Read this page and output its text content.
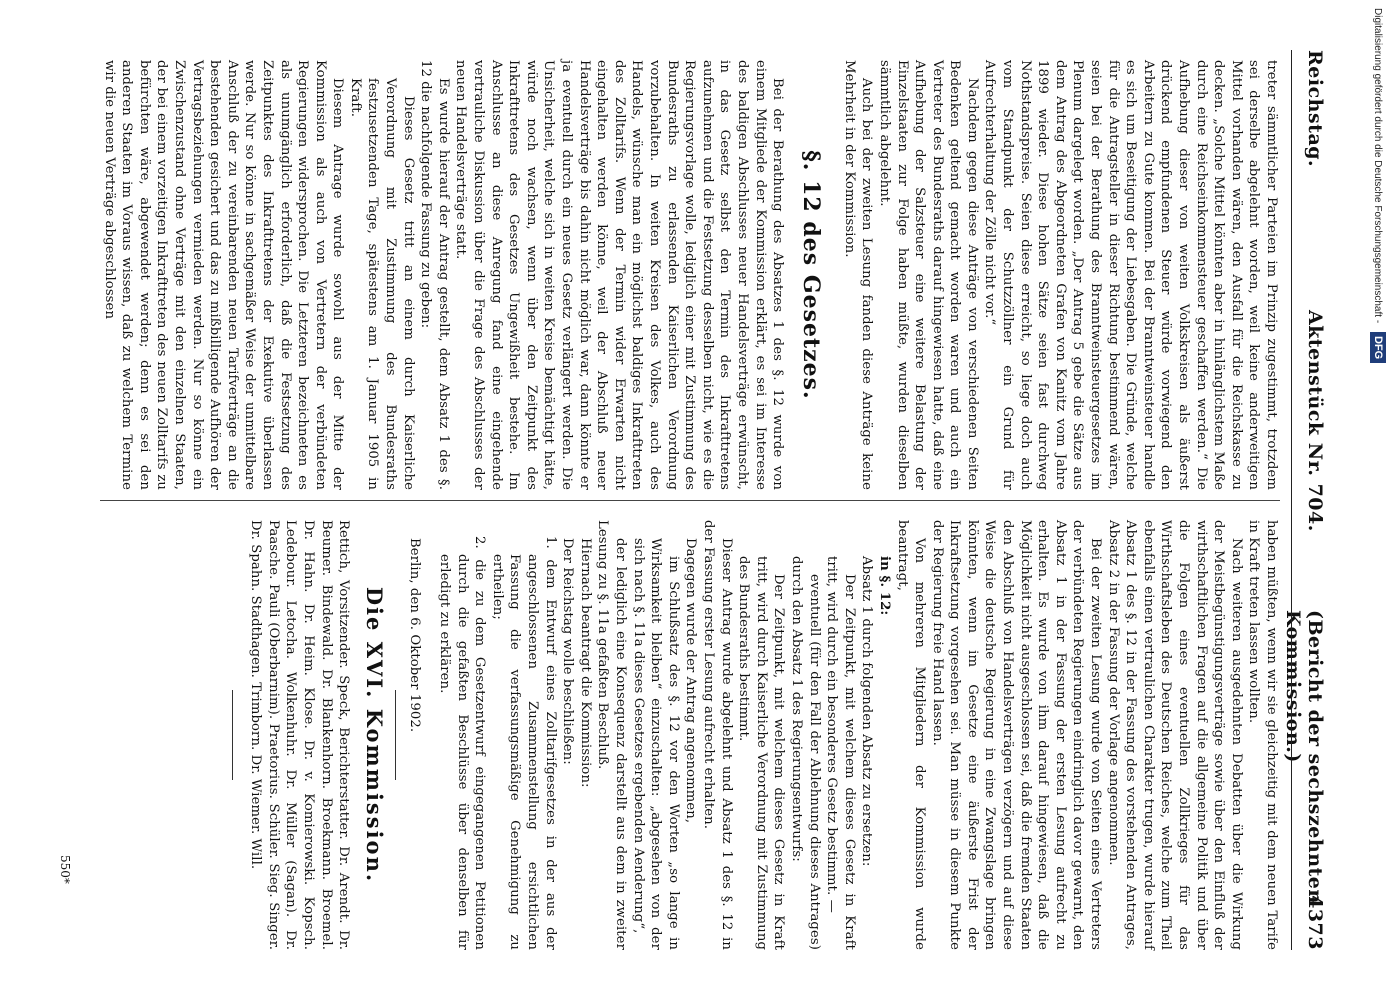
Reichstag.
Aktenstück Nr. 704.
(Bericht der sechszehnten Kommission.)
4373

treter sämmtlicher Parteien im Prinzip zugestimmt, trotzdem sei derselbe abgelehnt worden, weil keine anderweitigen Mittel vorhanden wären, den Ausfall für die Reichskasse zu decken. „Solche Mittel könnten aber in hinlänglichstem Maße durch eine Reichseinkommensteuer geschaffen werden.“ Die Aufhebung dieser von weiten Volkskreisen als äußerst drückend empfundenen Steuer würde vorwiegend den Arbeitern zu Gute kommen. Bei der Branntweinsteuer handle es sich um Beseitigung der Liebesgaben. Die Gründe, welche für die Antragsteller in dieser Richtung bestimmend wären, seien bei der Berathung des Branntweinsteuergesetzes im Plenum dargelegt worden. „Der Antrag 5 gebe die Sätze aus dem Antrag des Abgeordneten Grafen von Kanitz vom Jahre 1899 wieder. Diese hohen Sätze seien fast durchweg Nothstandspreise. Seien diese erreicht, so liege doch auch vom Standpunkt der Schutzzöllner ein Grund für Aufrechterhaltung der Zölle nicht vor.“

Nachdem gegen diese Anträge von verschiedenen Seiten Bedenken geltend gemacht worden waren und auch ein Vertreter des Bundesraths darauf hingewiesen hatte, daß eine Aufhebung der Salzsteuer eine weitere Belastung der Einzelstaaten zur Folge haben müßte, wurden dieselben sämmtlich abgelehnt.

Auch bei der zweiten Lesung fanden diese Anträge keine Mehrheit in der Kommission.

§. 12 des Gesetzes.

Bei der Berathung des Absatzes 1 des §. 12 wurde von einem Mitgliede der Kommission erklärt, es sei im Interesse des baldigen Abschlusses neuer Handelsverträge erwünscht, in das Gesetz selbst den Termin des Inkrafttretens aufzunehmen und die Festsetzung desselben nicht, wie es die Regierungsvorlage wolle, lediglich einer mit Zustimmung des Bundesraths zu erlassenden Kaiserlichen Verordnung vorzubehalten. In weiten Kreisen des Volkes, auch des Handels, wünsche man ein möglichst baldiges Inkrafttreten des Zolltarifs. Wenn der Termin wider Erwarten nicht eingehalten werden könne, weil der Abschluß neuer Handelsverträge bis dahin nicht möglich war, dann könnte er ja eventuell durch ein neues Gesetz verlängert werden. Die Unsicherheit, welche sich in weiten Kreise bemächtigt hätte, würde noch wachsen, wenn über den Zeitpunkt des Inkrafttretens des Gesetzes Ungewißheit bestehe. Im Anschlusse an diese Anregung fand eine eingehende vertrauliche Diskussion über die Frage des Abschlusses der neuen Handelsverträge statt.

Es wurde hierauf der Antrag gestellt, dem Absatz 1 des §. 12 die nachfolgende Fassung zu geben:

Dieses Gesetz tritt an einem durch Kaiserliche Verordnung mit Zustimmung des Bundesraths festzusetzenden Tage, spätestens am 1. Januar 1905 in Kraft.

Diesem Antrage wurde sowohl aus der Mitte der Kommission als auch von Vertretern der verbündeten Regierungen widersprochen. Die Letzteren bezeichneten es als unumgänglich erforderlich, daß die Festsetzung des Zeitpunktes des Inkrafttretens der Exekutive überlassen werde. Nur so könne in sachgemäßer Weise der unmittelbare Anschluß der zu vereinbarenden neuen Tarifverträge an die bestehenden gesichert und das zu mißbilligende Aufhören der Vertragsbeziehungen vermieden werden. Nur so könne ein Zwischenzustand ohne Verträge mit den einzelnen Staaten, der bei einem vorzeitigen Inkrafttreten des neuen Zolltarifs zu befürchten wäre, abgewendet werden; denn es sei den anderen Staaten im Voraus wissen, daß zu welchem Termine wir die neuen Verträge abgeschlossen

haben müßten, wenn wir sie gleichzeitig mit dem neuen Tarife in Kraft treten lassen wollten.

Nach weiteren ausgedehnten Debatten über die Wirkung der Meistbegünstigungsverträge sowie über den Einfluß der wirthschaftlichen Fragen auf die allgemeine Politik und über die Folgen eines eventuellen Zollkrieges für das Wirthschaftsleben des Deutschen Reiches, welche zum Theil ebenfalls einen vertraulichen Charakter trugen, wurde hierauf Absatz 1 des §. 12 in der Fassung des vorstehenden Antrages, Absatz 2 in der Fassung der Vorlage angenommen.

Bei der zweiten Lesung wurde von Seiten eines Vertreters der verbündeten Regierungen eindringlich davor gewarnt, den Absatz 1 in der Fassung der ersten Lesung aufrecht zu erhalten. Es wurde von ihm darauf hingewiesen, daß die Möglichkeit nicht ausgeschlossen sei, daß die fremden Staaten den Abschluß von Handelsverträgen verzögern und auf diese Weise die deutsche Regierung in eine Zwangslage bringen könnten, wenn im Gesetze eine äußerste Frist der Inkraftsetzung vorgesehen sei. Man müsse in diesem Punkte der Regierung freie Hand lassen.

Von mehreren Mitgliedern der Kommission wurde beantragt,

in §. 12:

Absatz 1 durch folgenden Absatz zu ersetzen:

Der Zeitpunkt, mit welchem dieses Gesetz in Kraft tritt, wird durch ein besonderes Gesetz bestimmt. —

eventuell (für den Fall der Ablehnung dieses Antrages) durch den Absatz 1 des Regierungsentwurfs:

Der Zeitpunkt, mit welchem dieses Gesetz in Kraft tritt, wird durch Kaiserliche Verordnung mit Zustimmung des Bundesraths bestimmt.

Dieser Antrag wurde abgelehnt und Absatz 1 des §. 12 in der Fassung erster Lesung aufrecht erhalten.

Dagegen wurde der Antrag angenommen,

im Schlußsatz des §. 12 vor den Worten „so lange in Wirksamkeit bleiben“ einzuschalten: „abgesehen von der sich nach §. 11a dieses Gesetzes ergebenden Aenderung“,

der lediglich eine Konsequenz darstellt aus dem in zweiter Lesung zu §. 11a gefaßten Beschluß.

Hiernach beantragt die Kommission:

Der Reichstag wolle beschließen:

1. dem Entwurf eines Zolltarifgesetzes in der aus der angeschlossenen Zusammenstellung ersichtlichen Fassung die verfassungsmäßige Genehmigung zu ertheilen;

2. die zu dem Gesetzentwurf eingegangenen Petitionen durch die gefaßten Beschlüsse über denselben für erledigt zu erklären.

Berlin, den 6. Oktober 1902.

Die XVI. Kommission.

Rettich, Vorsitzender. Speck, Berichterstatter. Dr. Arendt. Dr. Beumer. Bindewald. Dr. Blankenhorn. Broekmann. Broemel. Dr. Hahn. Dr. Heim. Klose. Dr. v. Komierowski. Kopsch. Ledebour. Letocha. Wolkenhuhr. Dr. Müller (Sagan). Dr. Paasche. Pauli (Oberbarnim). Praetorius. Schüler. Sieg. Singer. Dr. Spahn. Stadthagen. Trimborn. Dr. Wiemer. Will.

550*
Digitalisierung gefördert durch die Deutsche Forschungsgemeinschaft - DFG
